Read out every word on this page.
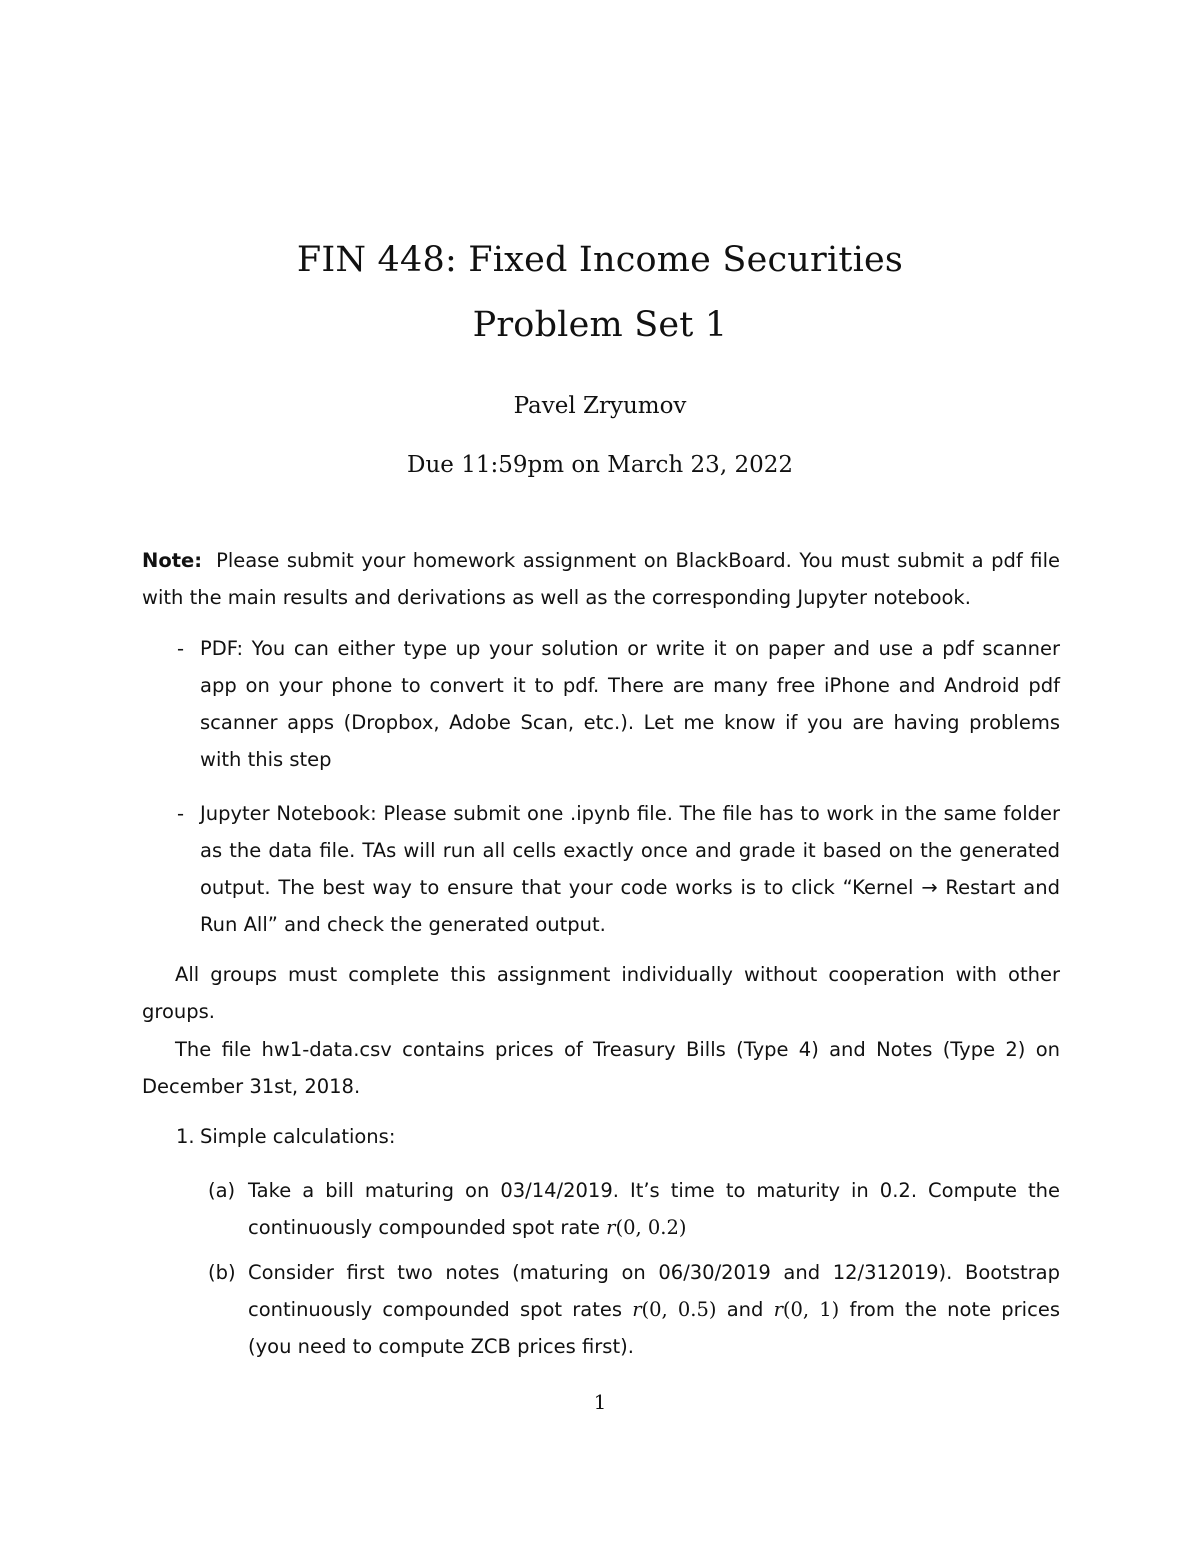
FIN 448: Fixed Income Securities
Problem Set 1
Pavel Zryumov
Due 11:59pm on March 23, 2022
Note: Please submit your homework assignment on BlackBoard. You must submit a pdf file with the main results and derivations as well as the corresponding Jupyter notebook.
- PDF: You can either type up your solution or write it on paper and use a pdf scanner app on your phone to convert it to pdf. There are many free iPhone and Android pdf scanner apps (Dropbox, Adobe Scan, etc.). Let me know if you are having problems with this step
- Jupyter Notebook: Please submit one .ipynb file. The file has to work in the same folder as the data file. TAs will run all cells exactly once and grade it based on the generated output. The best way to ensure that your code works is to click “Kernel → Restart and Run All” and check the generated output.
All groups must complete this assignment individually without cooperation with other groups.
The file hw1-data.csv contains prices of Treasury Bills (Type 4) and Notes (Type 2) on December 31st, 2018.
1. Simple calculations:
(a) Take a bill maturing on 03/14/2019. It’s time to maturity in 0.2. Compute the continuously compounded spot rate r(0, 0.2)
(b) Consider first two notes (maturing on 06/30/2019 and 12/312019). Bootstrap continuously compounded spot rates r(0, 0.5) and r(0, 1) from the note prices (you need to compute ZCB prices first).
1
